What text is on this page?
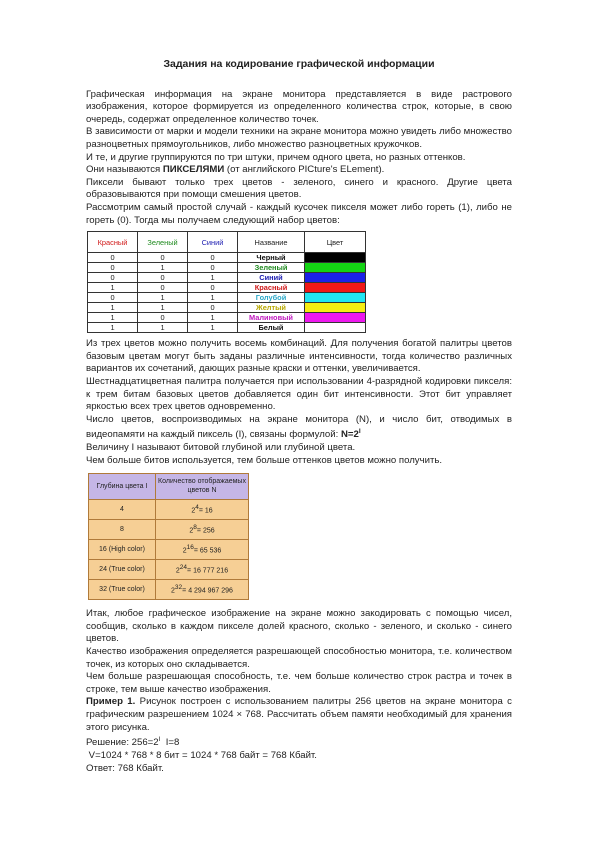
Задания на кодирование графической информации

Графическая информация на экране монитора представляется в виде растрового изображения, которое формируется из определенного количества строк, которые, в свою очередь, содержат определенное количество точек.

В зависимости от марки и модели техники на экране монитора можно увидеть либо множество разноцветных прямоугольников, либо множество разноцветных кружочков.

И те, и другие группируются по три штуки, причем одного цвета, но разных оттенков.

Они называются ПИКСЕЛЯМИ (от английского PICture's ELement).

Пиксели бывают только трех цветов - зеленого, синего и красного. Другие цвета образовываются при помощи смешения цветов.

Рассмотрим самый простой случай - каждый кусочек пикселя может либо гореть (1), либо не гореть (0). Тогда мы получаем следующий набор цветов:

Красный	Зеленый	Синий	Название	Цвет
0	0	0	Черный	
0	1	0	Зеленый	
0	0	1	Синий	
1	0	0	Красный	
0	1	1	Голубой	
1	1	0	Желтый	
1	0	1	Малиновый	
1	1	1	Белый	

Из трех цветов можно получить восемь комбинаций. Для получения богатой палитры цветов базовым цветам могут быть заданы различные интенсивности, тогда количество различных вариантов их сочетаний, дающих разные краски и оттенки, увеличивается.

Шестнадцатицветная палитра получается при использовании 4-разрядной кодировки пикселя: к трем битам базовых цветов добавляется один бит интенсивности. Этот бит управляет яркостью всех трех цветов одновременно.

Число цветов, воспроизводимых на экране монитора (N), и число бит, отводимых в видеопамяти на каждый пиксель (I), связаны формулой: $N=2^I$

Величину I называют битовой глубиной или глубиной цвета.

Чем больше битов используется, тем больше оттенков цветов можно получить.

Глубина цвета I	Количество отображаемых цветов N
4	$2^4= 16$
8	$2^8= 256$
16 (High color)	$2^{16}= 65$ 536
24 (True color)	$2^{24}= 16$ 777 216
32 (True color)	$2^{32}= 4$ 294 967 296

Итак, любое графическое изображение на экране можно закодировать с помощью чисел, сообщив, сколько в каждом пикселе долей красного, сколько - зеленого, и сколько - синего цветов.

Качество изображения определяется разрешающей способностью монитора, т.е. количеством точек, из которых оно складывается.

Чем больше разрешающая способность, т.е. чем больше количество строк растра и точек в строке, тем выше качество изображения.

Пример 1. Рисунок построен с использованием палитры 256 цветов на экране монитора с графическим разрешением 1024 × 768. Рассчитать объем памяти необходимый для хранения этого рисунка.

Решение: $256=2^I$  I=8

V=1024 * 768 * 8 бит = 1024 * 768 байт = 768 Кбайт.

Ответ: 768 Кбайт.
